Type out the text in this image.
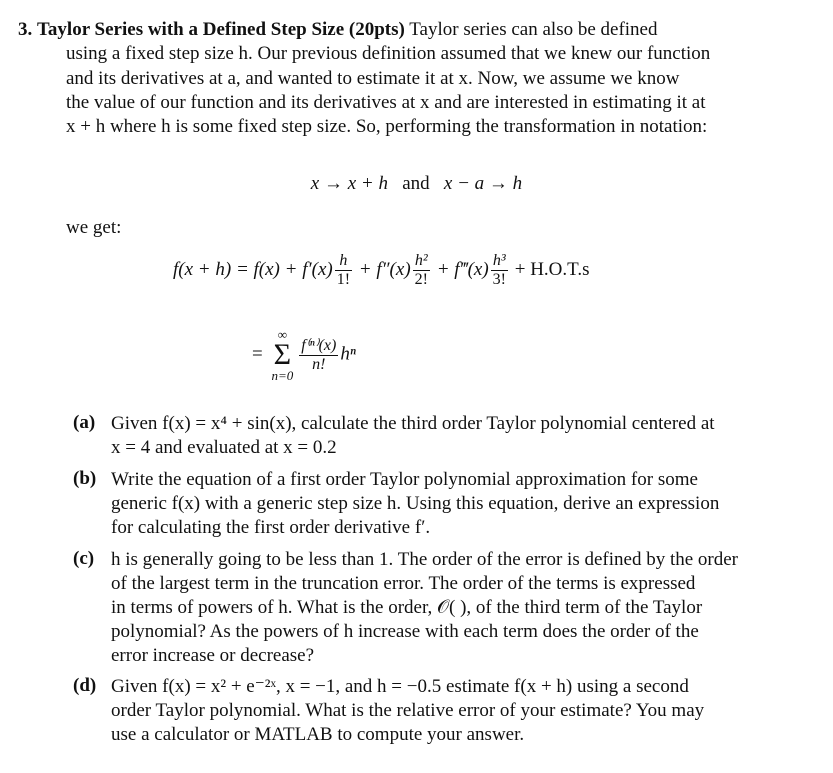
3. Taylor Series with a Defined Step Size (20pts) Taylor series can also be defined
using a fixed step size h. Our previous definition assumed that we knew our function
and its derivatives at a, and wanted to estimate it at x. Now, we assume we know
the value of our function and its derivatives at x and are interested in estimating it at
x + h where h is some fixed step size. So, performing the transformation in notation:
x → x + h and x − a → h
we get:
$f(x + h) = f(x) + f'(x) \frac{h}{1!} + f''(x) \frac{\text{h²}}{2!}$ + f‴(x) $\frac{\text{h³}}{3!} + H.O.T.s$
=
∞
Σ
n=0
$\frac{\text{f⁽ⁿ⁾(x)}}{n!}$ hⁿ
(a) Given f(x) = x⁴ + sin(x), calculate the third order Taylor polynomial centered at
x = 4 and evaluated at x = 0.2
(b) Write the equation of a first order Taylor polynomial approximation for some
generic f(x) with a generic step size h. Using this equation, derive an expression
for calculating the first order derivative f′.
(c) h is generally going to be less than 1. The order of the error is defined by the order
of the largest term in the truncation error. The order of the terms is expressed
in terms of powers of h. What is the order, 𝒪( ), of the third term of the Taylor
polynomial? As the powers of h increase with each term does the order of the
error increase or decrease?
(d) Given f(x) = x² + e⁻²ˣ, x = −1, and h = −0.5 estimate f(x + h) using a second
order Taylor polynomial. What is the relative error of your estimate? You may
use a calculator or MATLAB to compute your answer.
